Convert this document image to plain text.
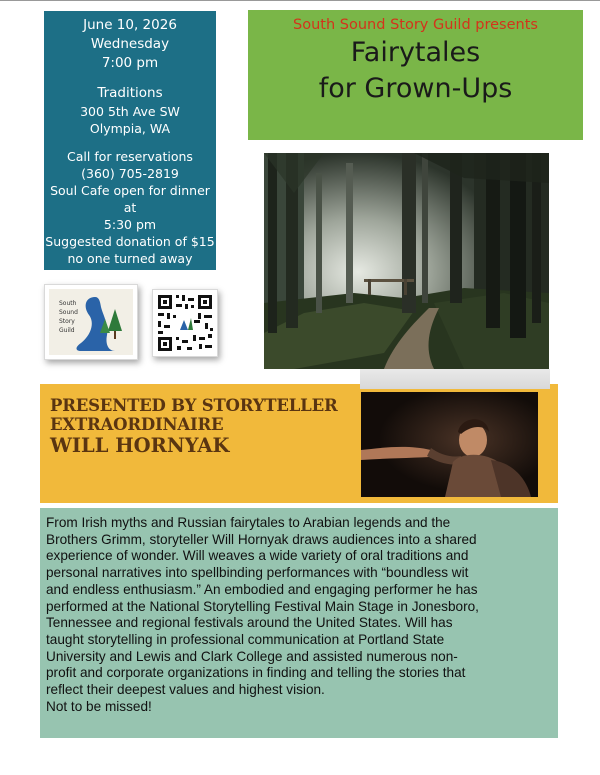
June 10, 2026
Wednesday
7:00 pm
Traditions
300 5th Ave SW
Olympia, WA
Call for reservations
(360) 705-2819
Soul Cafe open for dinner at
5:30 pm
Suggested donation of $15
no one turned away
South Sound Story Guild presents
Fairytales
for Grown-Ups
South Sound Story Guild
PRESENTED BY STORYTELLER
EXTRAORDINAIRE
WILL HORNYAK

From Irish myths and Russian fairytales to Arabian legends and the
Brothers Grimm, storyteller Will Hornyak draws audiences into a shared
experience of wonder. Will weaves a wide variety of oral traditions and
personal narratives into spellbinding performances with “boundless wit
and endless enthusiasm.” An embodied and engaging performer he has
performed at the National Storytelling Festival Main Stage in Jonesboro,
Tennessee and regional festivals around the United States. Will has
taught storytelling in professional communication at Portland State
University and Lewis and Clark College and assisted numerous non-
profit and corporate organizations in finding and telling the stories that
reflect their deepest values and highest vision.
Not to be missed!
